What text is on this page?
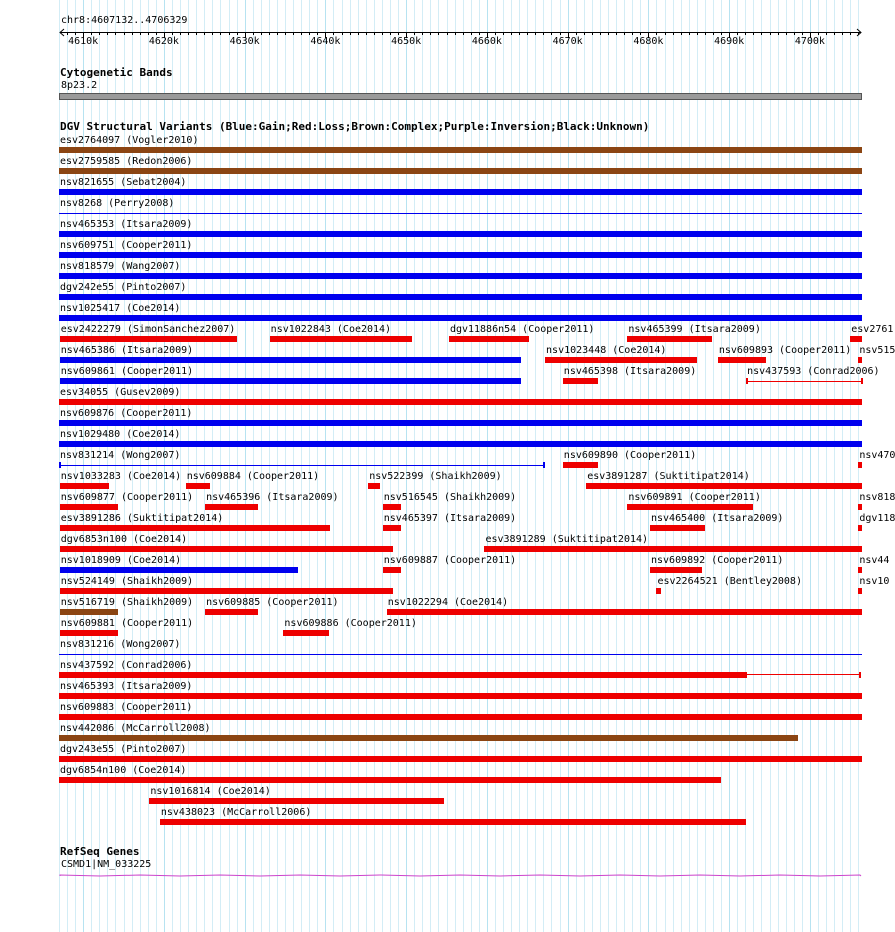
chr8:4607132..4706329
4610k	4620k	4630k	4640k	4650k	4660k	4670k	4680k	4690k	4700k
Cytogenetic Bands
8p23.2
DGV Structural Variants (Blue:Gain;Red:Loss;Brown:Complex;Purple:Inversion;Black:Unknown)
esv2764097 (Vogler2010)
esv2759585 (Redon2006)
nsv821655 (Sebat2004)
nsv8268 (Perry2008)
nsv465353 (Itsara2009)
nsv609751 (Cooper2011)
nsv818579 (Wang2007)
dgv242e55 (Pinto2007)
nsv1025417 (Coe2014)
esv2422279 (SimonSanchez2007)	nsv1022843 (Coe2014)	dgv11886n54 (Cooper2011)	nsv465399 (Itsara2009)	esv2761
nsv465386 (Itsara2009)	nsv1023448 (Coe2014)	nsv609893 (Cooper2011) nsv515
nsv609861 (Cooper2011)	nsv465398 (Itsara2009)	nsv437593 (Conrad2006)
esv34055 (Gusev2009)
nsv609876 (Cooper2011)
nsv1029480 (Coe2014)
nsv831214 (Wong2007)	nsv609890 (Cooper2011)	nsv470
nsv1033283 (Coe2014) nsv609884 (Cooper2011)	nsv522399 (Shaikh2009)	esv3891287 (Suktitipat2014)
nsv609877 (Cooper2011) nsv465396 (Itsara2009)	nsv516545 (Shaikh2009)	nsv609891 (Cooper2011)	nsv818
esv3891286 (Suktitipat2014)	nsv465397 (Itsara2009)	nsv465400 (Itsara2009)	dgv118
dgv6853n100 (Coe2014)	esv3891289 (Suktitipat2014)
nsv1018909 (Coe2014)	nsv609887 (Cooper2011)	nsv609892 (Cooper2011)	nsv44
nsv524149 (Shaikh2009)	esv2264521 (Bentley2008)	nsv10
nsv516719 (Shaikh2009) nsv609885 (Cooper2011)	nsv1022294 (Coe2014)
nsv609881 (Cooper2011)	nsv609886 (Cooper2011)
nsv831216 (Wong2007)
nsv437592 (Conrad2006)
nsv465393 (Itsara2009)
nsv609883 (Cooper2011)
nsv442086 (McCarroll2008)
dgv243e55 (Pinto2007)
dgv6854n100 (Coe2014)
nsv1016814 (Coe2014)
nsv438023 (McCarroll2006)
RefSeq Genes
CSMD1|NM_033225
